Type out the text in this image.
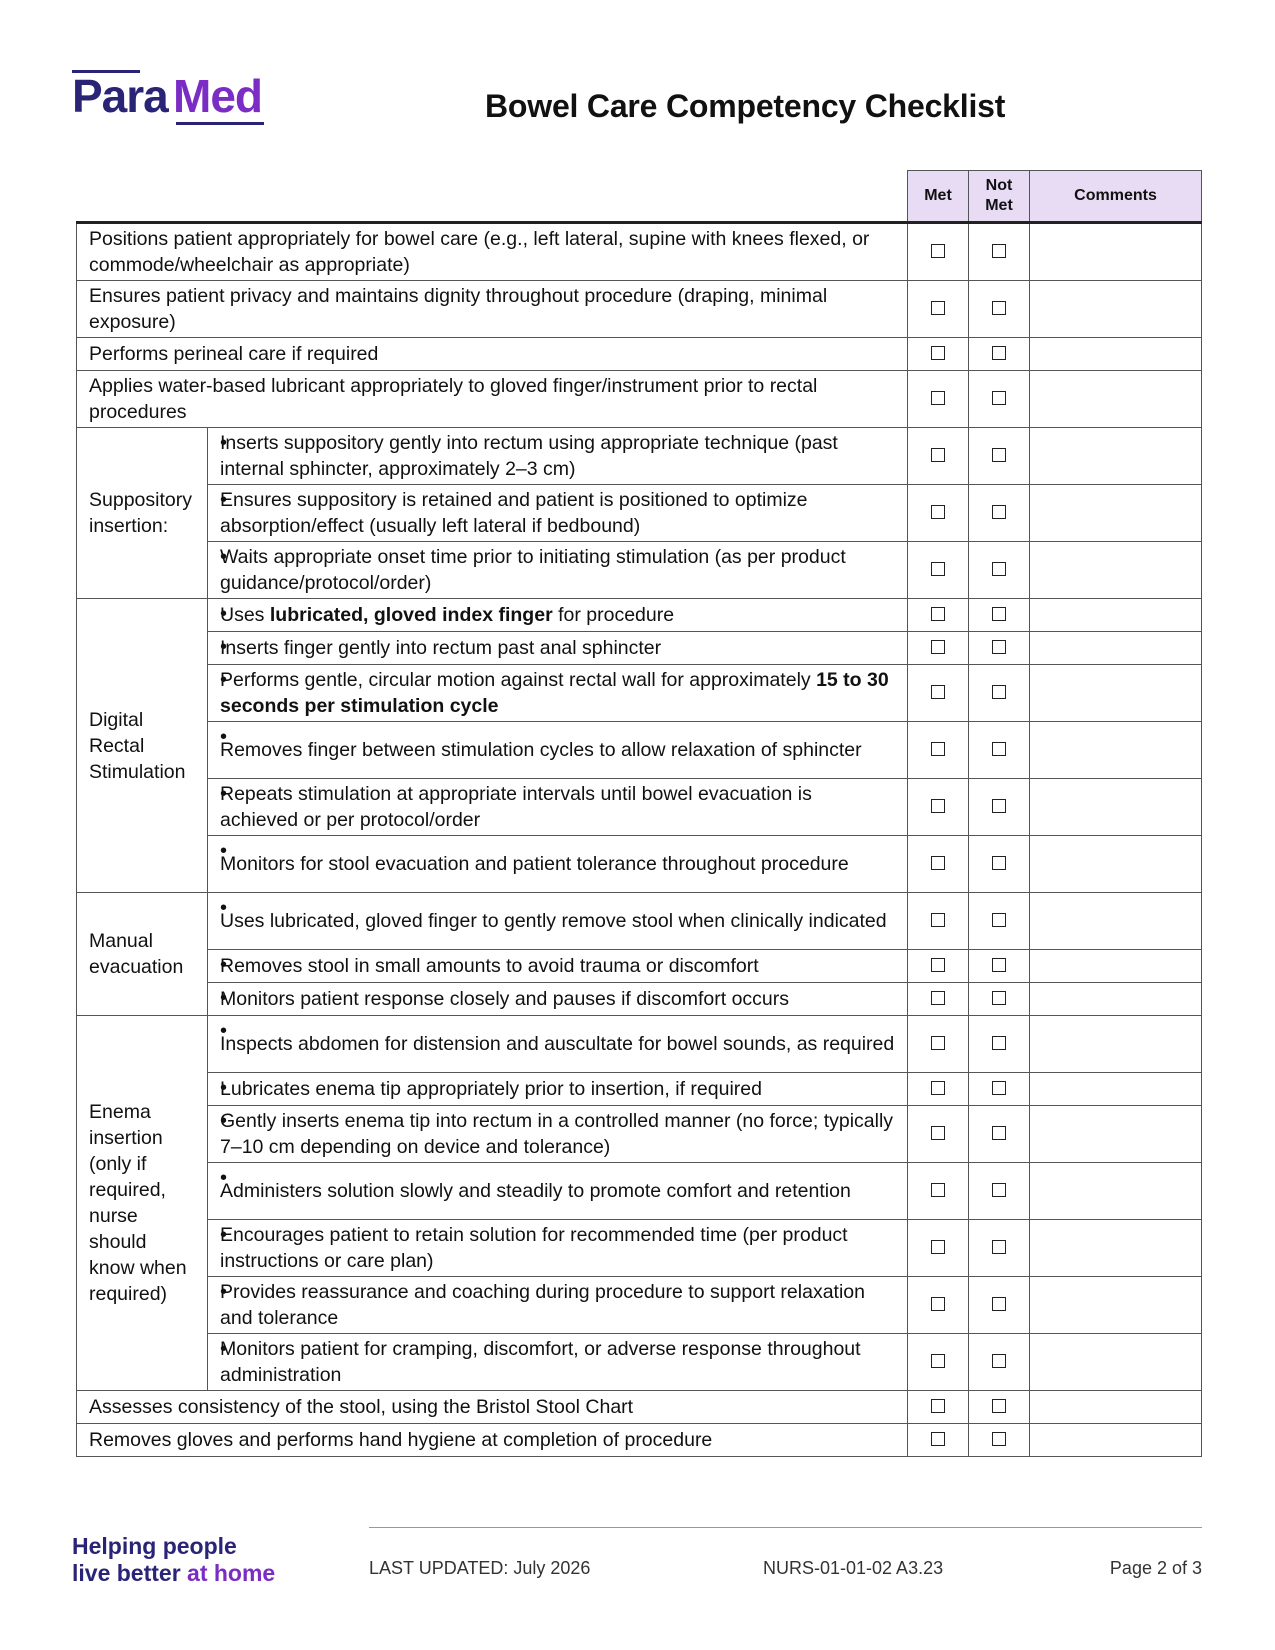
Para Med	Bowel Care Competency Checklist
		Met	Not Met	Comments
Positions patient appropriately for bowel care (e.g., left lateral, supine with knees flexed, or commode/wheelchair as appropriate)				
Ensures patient privacy and maintains dignity throughout procedure (draping, minimal exposure)				
Performs perineal care if required				
Applies water-based lubricant appropriately to gloved finger/instrument prior to rectal procedures				
Suppository insertion:	• Inserts suppository gently into rectum using appropriate technique (past internal sphincter, approximately 2–3 cm)			
	• Ensures suppository is retained and patient is positioned to optimize absorption/effect (usually left lateral if bedbound)			
	• Waits appropriate onset time prior to initiating stimulation (as per product guidance/protocol/order)			
Digital Rectal Stimulation	• Uses lubricated, gloved index finger for procedure			
	• Inserts finger gently into rectum past anal sphincter			
	• Performs gentle, circular motion against rectal wall for approximately 15 to 30 seconds per stimulation cycle			
	• Removes finger between stimulation cycles to allow relaxation of sphincter			
	• Repeats stimulation at appropriate intervals until bowel evacuation is achieved or per protocol/order			
	• Monitors for stool evacuation and patient tolerance throughout procedure			
Manual evacuation	• Uses lubricated, gloved finger to gently remove stool when clinically indicated			
	• Removes stool in small amounts to avoid trauma or discomfort			
	• Monitors patient response closely and pauses if discomfort occurs			
Enema insertion (only if required, nurse should know when required)	• Inspects abdomen for distension and auscultate for bowel sounds, as required			
	• Lubricates enema tip appropriately prior to insertion, if required			
	• Gently inserts enema tip into rectum in a controlled manner (no force; typically 7–10 cm depending on device and tolerance)			
	• Administers solution slowly and steadily to promote comfort and retention			
	• Encourages patient to retain solution for recommended time (per product instructions or care plan)			
	• Provides reassurance and coaching during procedure to support relaxation and tolerance			
	• Monitors patient for cramping, discomfort, or adverse response throughout administration			
Assesses consistency of the stool, using the Bristol Stool Chart				
Removes gloves and performs hand hygiene at completion of procedure				
Helping people
live better at home	LAST UPDATED: July 2026	NURS-01-01-02 A3.23	Page 2 of 3
